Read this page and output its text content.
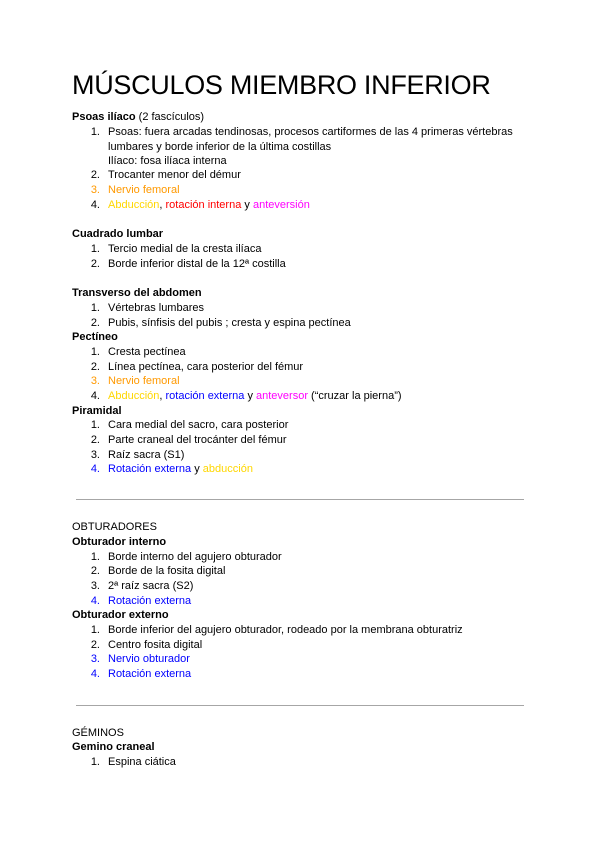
MÚSCULOS MIEMBRO INFERIOR
Psoas ilíaco (2 fascículos)
1. Psoas: fuera arcadas tendinosas, procesos cartiformes de las 4 primeras vértebras
lumbares y borde inferior de la última costillas
Ilíaco: fosa ilíaca interna
2. Trocanter menor del démur
3. Nervio femoral
4. Abducción, rotación interna y anteversión
Cuadrado lumbar
1. Tercio medial de la cresta ilíaca
2. Borde inferior distal de la 12ª costilla
Transverso del abdomen
1. Vértebras lumbares
2. Pubis, sínfisis del pubis ; cresta y espina pectínea
Pectíneo
1. Cresta pectínea
2. Línea pectínea, cara posterior del fémur
3. Nervio femoral
4. Abducción, rotación externa y anteversor (“cruzar la pierna”)
Piramidal
1. Cara medial del sacro, cara posterior
2. Parte craneal del trocánter del fémur
3. Raíz sacra (S1)
4. Rotación externa y abducción
OBTURADORES
Obturador interno
1. Borde interno del agujero obturador
2. Borde de la fosita digital
3. 2ª raíz sacra (S2)
4. Rotación externa
Obturador externo
1. Borde inferior del agujero obturador, rodeado por la membrana obturatriz
2. Centro fosita digital
3. Nervio obturador
4. Rotación externa
GÉMINOS
Gemino craneal
1. Espina ciática
